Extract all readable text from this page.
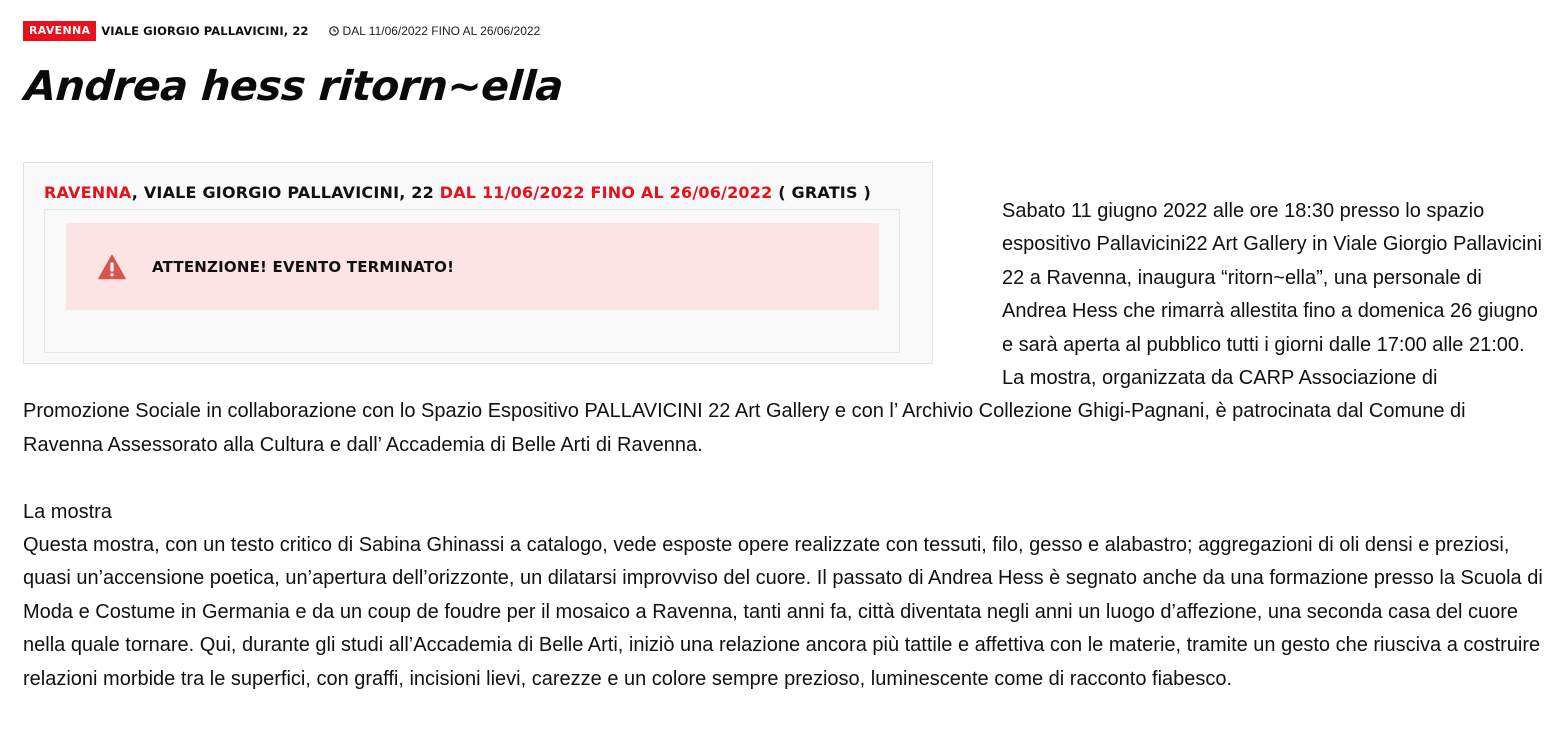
RAVENNA VIALE GIORGIO PALLAVICINI, 22	DAL 11/06/2022 FINO AL 26/06/2022
Andrea hess ritorn~ella
RAVENNA, VIALE GIORGIO PALLAVICINI, 22 DAL 11/06/2022 FINO AL 26/06/2022 ( GRATIS )
ATTENZIONE! EVENTO TERMINATO!

Sabato 11 giugno 2022 alle ore 18:30 presso lo spazio espositivo Pallavicini22 Art Gallery in Viale Giorgio Pallavicini 22 a Ravenna, inaugura “ritorn~ella”, una personale di Andrea Hess che rimarrà allestita fino a domenica 26 giugno e sarà aperta al pubblico tutti i giorni dalle 17:00 alle 21:00.

La mostra, organizzata da CARP Associazione di Promozione Sociale in collaborazione con lo Spazio Espositivo PALLAVICINI 22 Art Gallery e con l’ Archivio Collezione Ghigi-Pagnani, è patrocinata dal Comune di Ravenna Assessorato alla Cultura e dall’ Accademia di Belle Arti di Ravenna.

La mostra

Questa mostra, con un testo critico di Sabina Ghinassi a catalogo, vede esposte opere realizzate con tessuti, filo, gesso e alabastro; aggregazioni di oli densi e preziosi, quasi un’accensione poetica, un’apertura dell’orizzonte, un dilatarsi improvviso del cuore. Il passato di Andrea Hess è segnato anche da una formazione presso la Scuola di Moda e Costume in Germania e da un coup de foudre per il mosaico a Ravenna, tanti anni fa, città diventata negli anni un luogo d’affezione, una seconda casa del cuore nella quale tornare. Qui, durante gli studi all’Accademia di Belle Arti, iniziò una relazione ancora più tattile e affettiva con le materie, tramite un gesto che riusciva a costruire relazioni morbide tra le superfici, con graffi, incisioni lievi, carezze e un colore sempre prezioso, luminescente come di racconto fiabesco.
